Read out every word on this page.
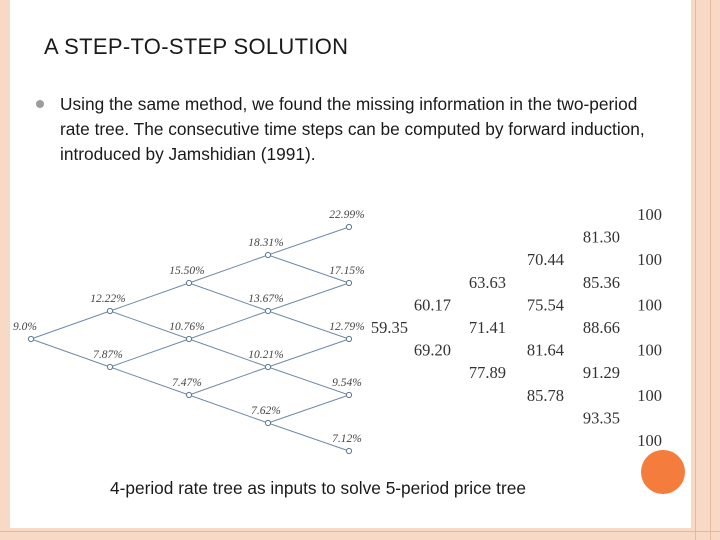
A STEP-TO-STEP SOLUTION
Using the same method, we found the missing information in the two-period rate tree. The consecutive time steps can be computed by forward induction, introduced by Jamshidian (1991).
9.0%
12.22%
7.87%
15.50%
10.76%
7.47%
18.31%
13.67%
10.21%
7.62%
22.99%
17.15%
12.79%
9.54%
7.12%
59.35
60.17
69.20
63.63
71.41
77.89
70.44
75.54
81.64
85.78
81.30
85.36
88.66
91.29
93.35
100
100
100
100
100
100
4-period rate tree as inputs to solve 5-period price tree
